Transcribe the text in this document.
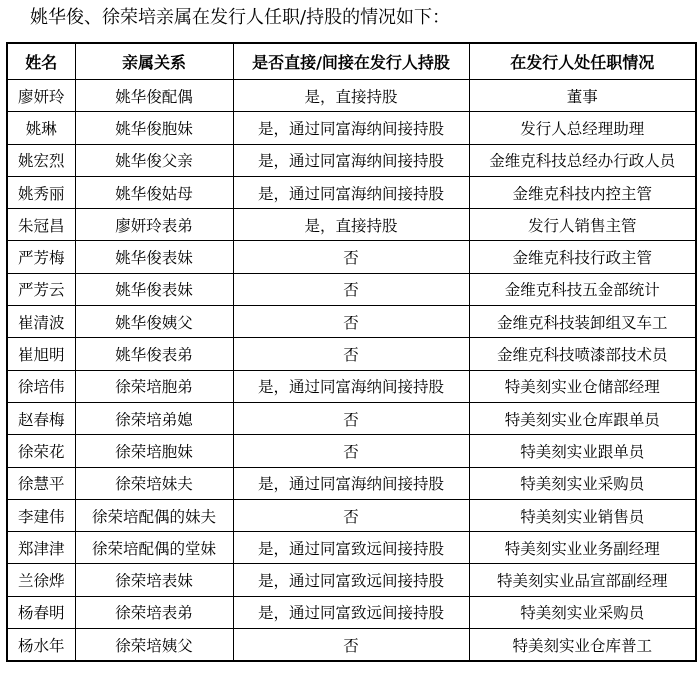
姚华俊、徐荣培亲属在发行人任职/持股的情况如下：
姓名	亲属关系	是否直接/间接在发行人持股	在发行人处任职情况
廖妍玲	姚华俊配偶	是，直接持股	董事
姚琳	姚华俊胞妹	是，通过同富海纳间接持股	发行人总经理助理
姚宏烈	姚华俊父亲	是，通过同富海纳间接持股	金维克科技总经办行政人员
姚秀丽	姚华俊姑母	是，通过同富海纳间接持股	金维克科技内控主管
朱冠昌	廖妍玲表弟	是，直接持股	发行人销售主管
严芳梅	姚华俊表妹	否	金维克科技行政主管
严芳云	姚华俊表妹	否	金维克科技五金部统计
崔清波	姚华俊姨父	否	金维克科技装卸组叉车工
崔旭明	姚华俊表弟	否	金维克科技喷漆部技术员
徐培伟	徐荣培胞弟	是，通过同富海纳间接持股	特美刻实业仓储部经理
赵春梅	徐荣培弟媳	否	特美刻实业仓库跟单员
徐荣花	徐荣培胞妹	否	特美刻实业跟单员
徐慧平	徐荣培妹夫	是，通过同富海纳间接持股	特美刻实业采购员
李建伟	徐荣培配偶的妹夫	否	特美刻实业销售员
郑津津	徐荣培配偶的堂妹	是，通过同富致远间接持股	特美刻实业业务副经理
兰徐烨	徐荣培表妹	是，通过同富致远间接持股	特美刻实业品宣部副经理
杨春明	徐荣培表弟	是，通过同富致远间接持股	特美刻实业采购员
杨水年	徐荣培姨父	否	特美刻实业仓库普工
